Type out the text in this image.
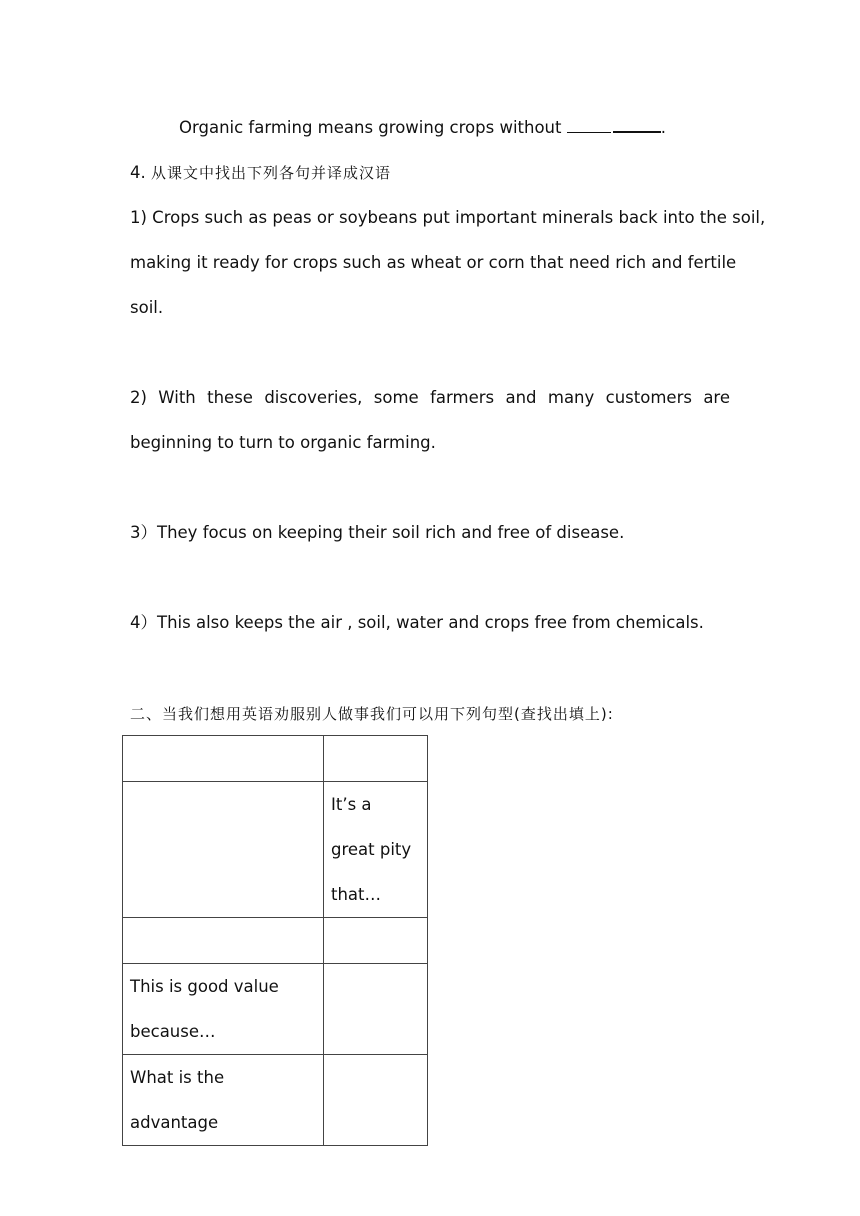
Organic farming means growing crops without	.
4. 从课文中找出下列各句并译成汉语
1) Crops such as peas or soybeans put important minerals back into the soil,
making it ready for crops such as wheat or corn that need rich and fertile
soil.
2) With these discoveries, some farmers and many customers are
beginning to turn to organic farming.
3）They focus on keeping their soil rich and free of disease.
4）This also keeps the air , soil, water and crops free from chemicals.
二、当我们想用英语劝服别人做事我们可以用下列句型(查找出填上):

	It’s a
great pity
that…

This is good value
because…	

What is the advantage	
